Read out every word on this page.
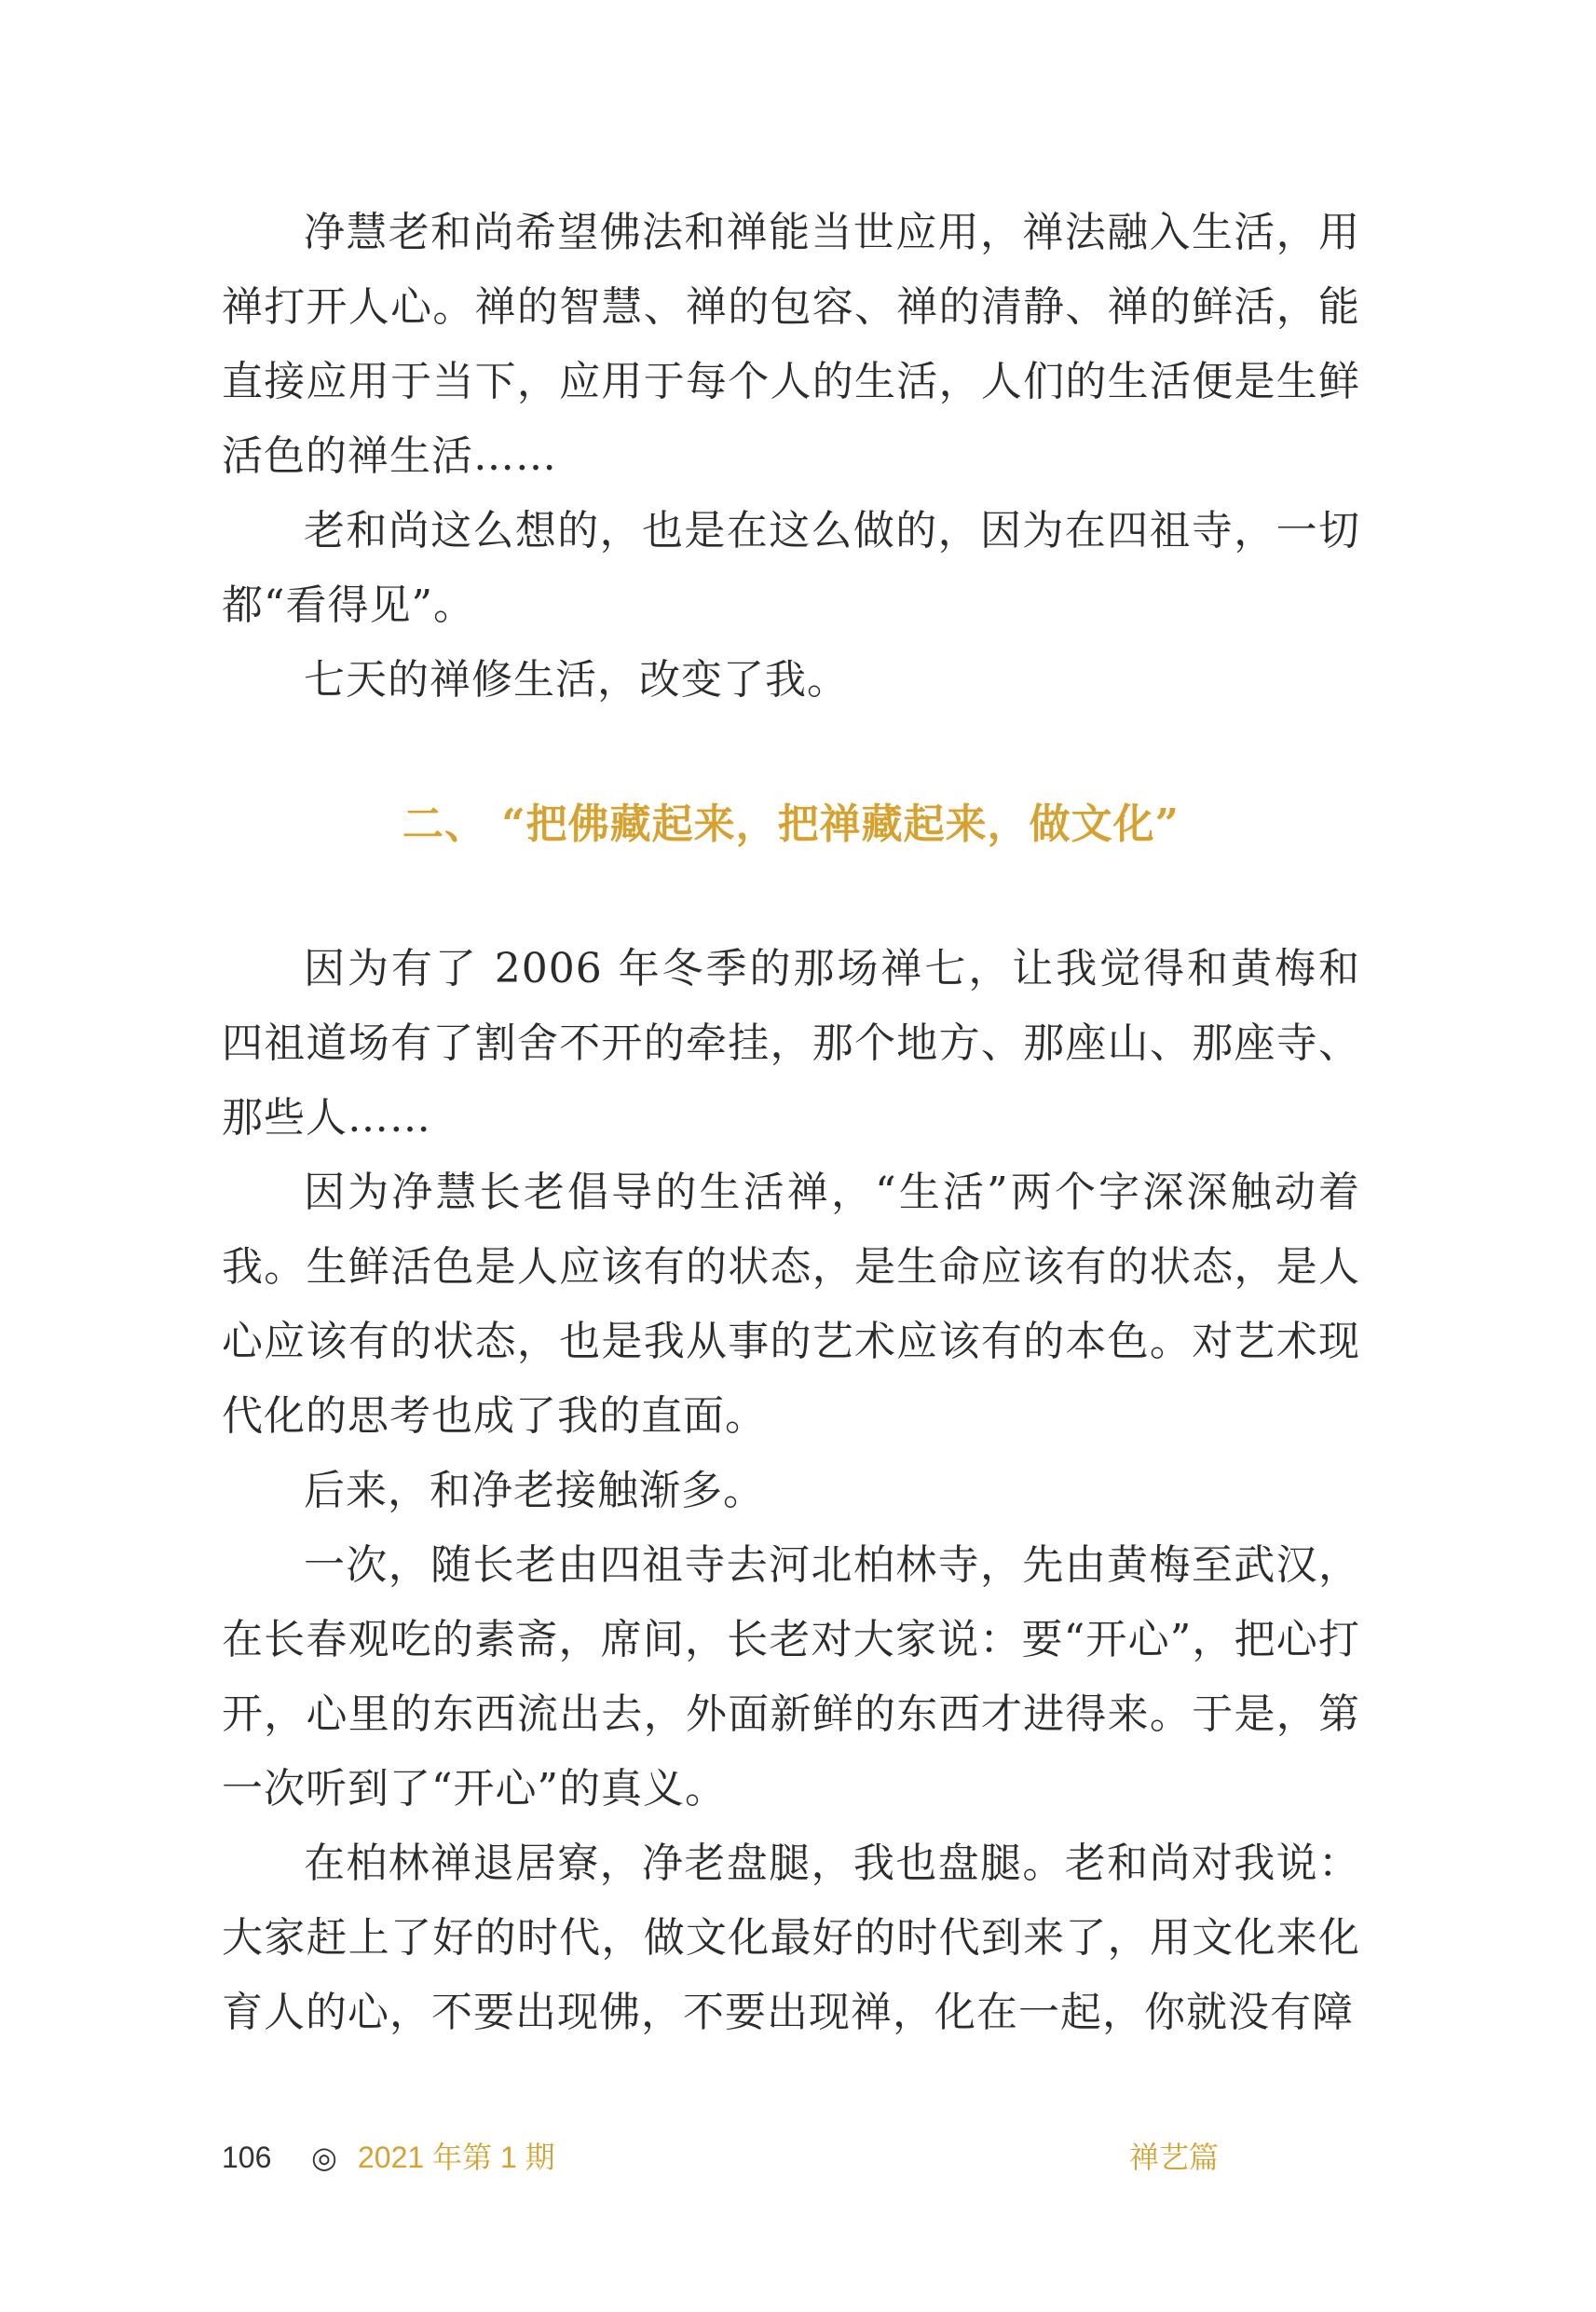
净慧老和尚希望佛法和禅能当世应用，禅法融入生活，用禅打开人心。禅的智慧、禅的包容、禅的清静、禅的鲜活，能直接应用于当下，应用于每个人的生活，人们的生活便是生鲜活色的禅生活……

老和尚这么想的，也是在这么做的，因为在四祖寺，一切都“看得见”。

七天的禅修生活，改变了我。

二、 “把佛藏起来，把禅藏起来，做文化”

因为有了 2006 年冬季的那场禅七，让我觉得和黄梅和四祖道场有了割舍不开的牵挂，那个地方、那座山、那座寺、那些人……

因为净慧长老倡导的生活禅，“生活”两个字深深触动着我。生鲜活色是人应该有的状态，是生命应该有的状态，是人心应该有的状态，也是我从事的艺术应该有的本色。对艺术现代化的思考也成了我的直面。

后来，和净老接触渐多。

一次，随长老由四祖寺去河北柏林寺，先由黄梅至武汉，在长春观吃的素斋，席间，长老对大家说：要“开心”，把心打开，心里的东西流出去，外面新鲜的东西才进得来。于是，第一次听到了“开心”的真义。

在柏林禅退居寮，净老盘腿，我也盘腿。老和尚对我说：大家赶上了好的时代，做文化最好的时代到来了，用文化来化育人的心，不要出现佛，不要出现禅，化在一起，你就没有障

106 ◎ 2021 年第 1 期	禅艺篇
